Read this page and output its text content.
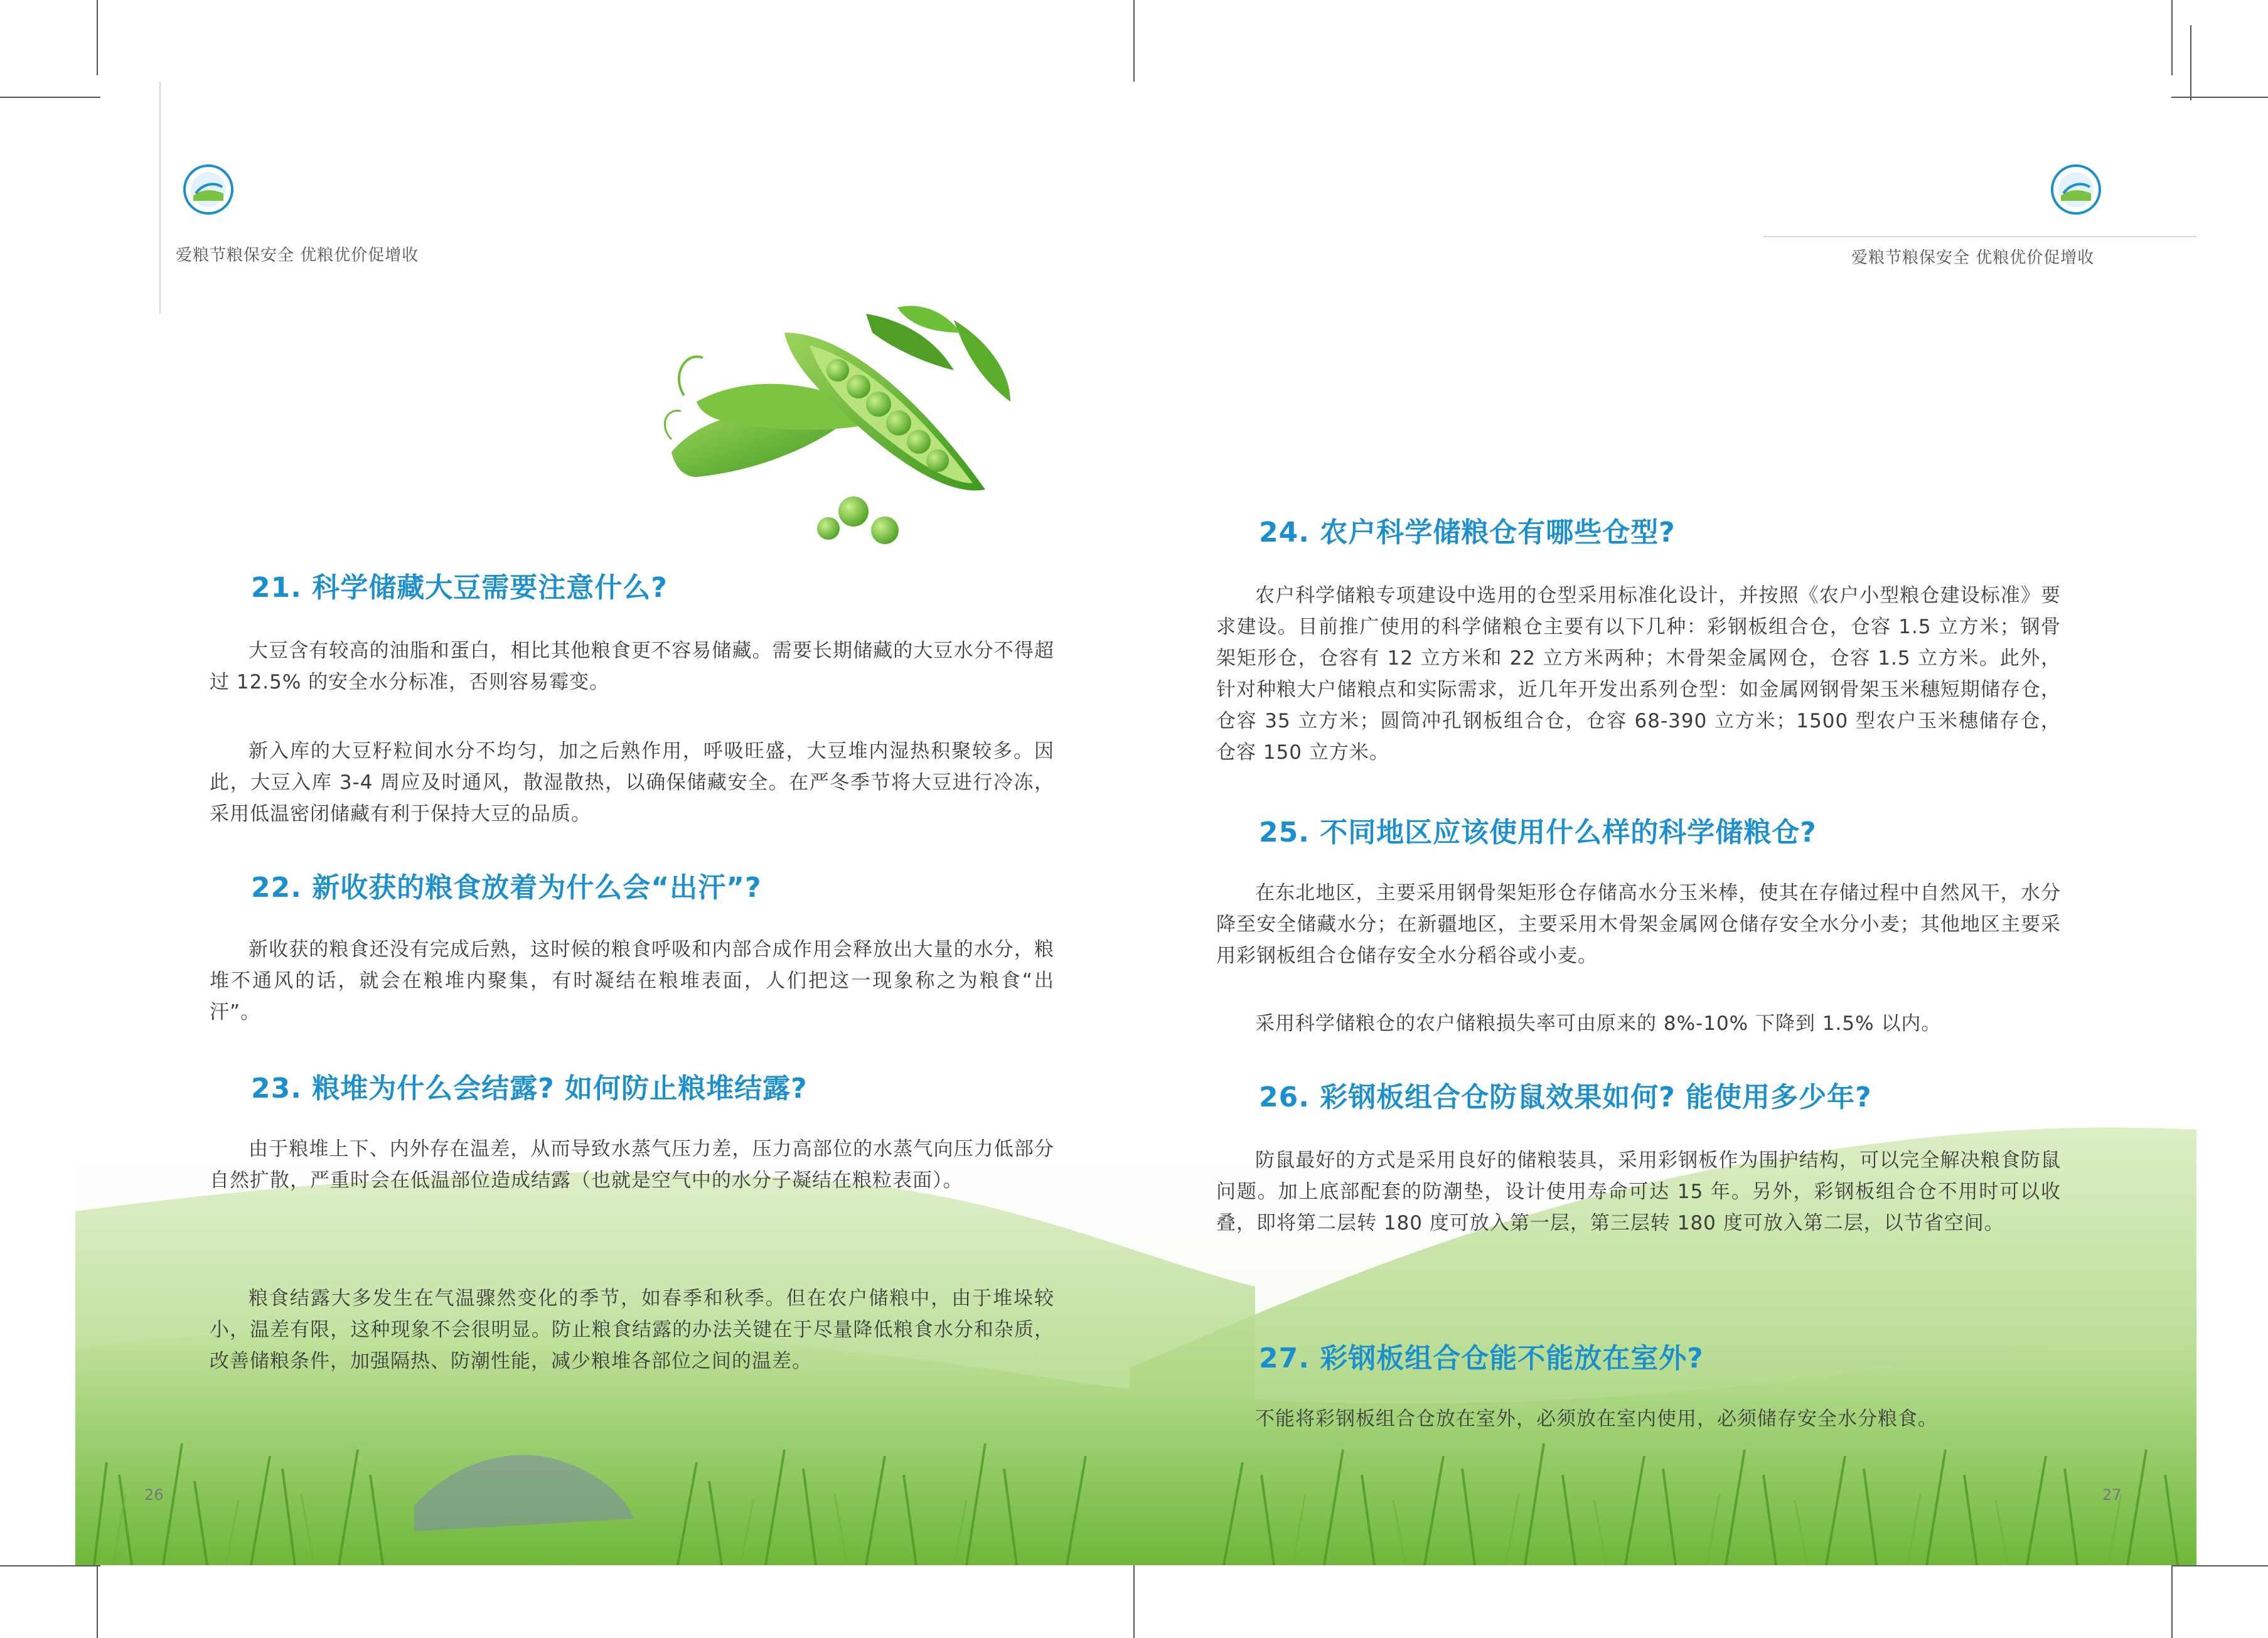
爱粮节粮保安全 优粮优价促增收	爱粮节粮保安全 优粮优价促增收
21. 科学储藏大豆需要注意什么?

大豆含有较高的油脂和蛋白，相比其他粮食更不容易储藏。需要长期储藏的大豆水分不得超过 12.5% 的安全水分标准，否则容易霉变。

新入库的大豆籽粒间水分不均匀，加之后熟作用，呼吸旺盛，大豆堆内湿热积聚较多。因此，大豆入库 3-4 周应及时通风，散湿散热，以确保储藏安全。在严冬季节将大豆进行冷冻，采用低温密闭储藏有利于保持大豆的品质。

22. 新收获的粮食放着为什么会“出汗”?

新收获的粮食还没有完成后熟，这时候的粮食呼吸和内部合成作用会释放出大量的水分，粮堆不通风的话，就会在粮堆内聚集，有时凝结在粮堆表面，人们把这一现象称之为粮食“出汗”。

23. 粮堆为什么会结露? 如何防止粮堆结露?

由于粮堆上下、内外存在温差，从而导致水蒸气压力差，压力高部位的水蒸气向压力低部分自然扩散，严重时会在低温部位造成结露（也就是空气中的水分子凝结在粮粒表面）。

粮食结露大多发生在气温骤然变化的季节，如春季和秋季。但在农户储粮中，由于堆垛较小，温差有限，这种现象不会很明显。防止粮食结露的办法关键在于尽量降低粮食水分和杂质，改善储粮条件，加强隔热、防潮性能，减少粮堆各部位之间的温差。

26
24. 农户科学储粮仓有哪些仓型?

农户科学储粮专项建设中选用的仓型采用标准化设计，并按照《农户小型粮仓建设标准》要求建设。目前推广使用的科学储粮仓主要有以下几种：彩钢板组合仓，仓容 1.5 立方米；钢骨架矩形仓，仓容有 12 立方米和 22 立方米两种；木骨架金属网仓，仓容 1.5 立方米。此外，针对种粮大户储粮点和实际需求，近几年开发出系列仓型：如金属网钢骨架玉米穗短期储存仓，仓容 35 立方米；圆筒冲孔钢板组合仓，仓容 68-390 立方米；1500 型农户玉米穗储存仓，仓容 150 立方米。

25. 不同地区应该使用什么样的科学储粮仓?

在东北地区，主要采用钢骨架矩形仓存储高水分玉米棒，使其在存储过程中自然风干，水分降至安全储藏水分；在新疆地区，主要采用木骨架金属网仓储存安全水分小麦；其他地区主要采用彩钢板组合仓储存安全水分稻谷或小麦。

采用科学储粮仓的农户储粮损失率可由原来的 8%-10% 下降到 1.5% 以内。

26. 彩钢板组合仓防鼠效果如何? 能使用多少年?

防鼠最好的方式是采用良好的储粮装具，采用彩钢板作为围护结构，可以完全解决粮食防鼠问题。加上底部配套的防潮垫，设计使用寿命可达 15 年。另外，彩钢板组合仓不用时可以收叠，即将第二层转 180 度可放入第一层，第三层转 180 度可放入第二层，以节省空间。

27. 彩钢板组合仓能不能放在室外?

不能将彩钢板组合仓放在室外，必须放在室内使用，必须储存安全水分粮食。

27
